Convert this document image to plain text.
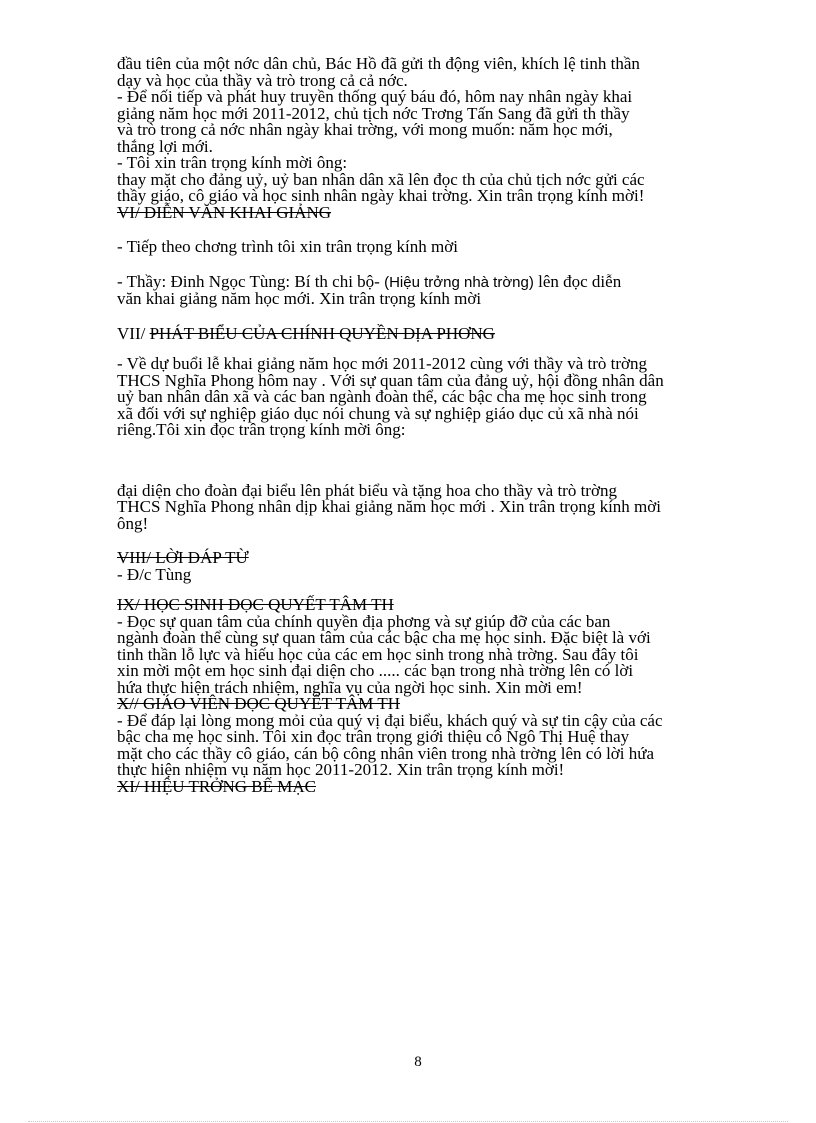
đầu tiên của một nớc dân chủ, Bác Hồ đã gửi th động viên, khích lệ tinh thần

dạy và học của thầy và trò trong cả cả nớc.

- Để nối tiếp và phát huy truyền thống quý báu đó, hôm nay nhân ngày khai

giảng năm học mới 2011-2012, chủ tịch nớc Trơng Tấn Sang đã gửi th thầy

và trò trong cả nớc nhân ngày khai trờng, với mong muốn: năm học mới,

thắng lợi mới.

- Tôi xin trân trọng kính mời ông:

thay mặt cho đảng uỷ, uỷ ban nhân dân xã lên đọc th của chủ tịch nớc gửi các

thầy giáo, cô giáo và học sinh nhân ngày khai trờng. Xin trân trọng kính mời!

VI/ DIỄN VĂN KHAI GIẢNG

- Tiếp theo chơng trình tôi xin trân trọng kính mời

- Thầy: Đinh Ngọc Tùng: Bí th chi bộ- (Hiệu trởng nhà trờng) lên đọc diễn

văn khai giảng năm học mới. Xin trân trọng kính mời

VII/ PHÁT BIỂU CỦA CHÍNH QUYỀN ĐỊA PHƠNG

- Về dự buổi lễ khai giảng năm học mới 2011-2012 cùng với thầy và trò trờng

THCS Nghĩa Phong hôm nay . Với sự quan tâm của đảng uỷ, hội đồng nhân dân

uỷ ban nhân dân xã và các ban ngành đoàn thể, các bậc cha mẹ học sinh trong

xã đối với sự nghiệp giáo dục nói chung và sự nghiệp giáo dục củ xã nhà nói

riêng.Tôi xin đọc trân trọng kính mời ông:

đại diện cho đoàn đại biểu lên phát biểu và tặng hoa cho thầy và trò trờng

THCS Nghĩa Phong nhân dịp khai giảng năm học mới . Xin trân trọng kính mời

ông!

VIII/ LỜI ĐÁP TỪ

- Đ/c Tùng

IX/ HỌC SINH ĐỌC QUYẾT TÂM TH

- Đọc sự quan tâm của chính quyền địa phơng và sự giúp đỡ của các ban

ngành đoàn thể cùng sự quan tâm của các bậc cha mẹ học sinh. Đặc biệt là với

tinh thần lỗ lực và hiếu học của các em học sinh trong nhà trờng. Sau đây tôi

xin mời một em học sinh đại diện cho ..... các bạn trong nhà trờng lên có lời

hứa thực hiện trách nhiệm, nghĩa vụ của ngời học sinh. Xin mời em!

X// GIÁO VIÊN ĐỌC QUYẾT TÂM TH

- Để đáp lại lòng mong mỏi của quý vị đại biểu, khách quý và sự tin cậy của các

bậc cha mẹ học sinh. Tôi xin đọc trân trọng giới thiệu cô Ngô Thị Huệ thay

mặt cho các thầy cô giáo, cán bộ công nhân viên trong nhà trờng lên có lời hứa

thực hiện nhiệm vụ năm học 2011-2012. Xin trân trọng kính mời!

XI/ HIỆU TRỞNG BẾ MẠC

8
